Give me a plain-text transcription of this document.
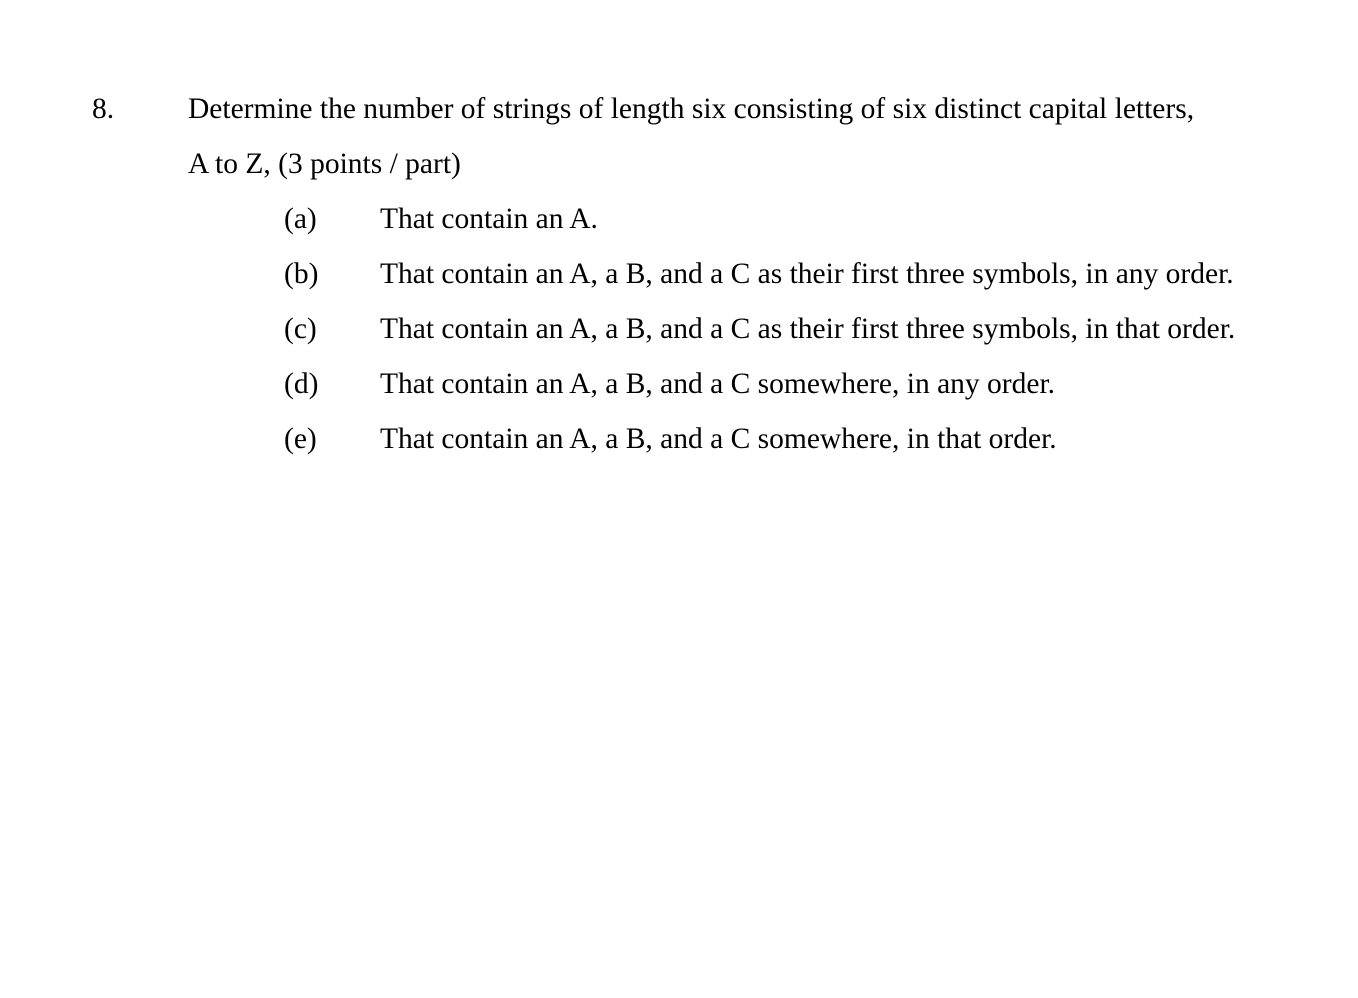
8.	Determine the number of strings of length six consisting of six distinct capital letters, A to Z, (3 points / part)
(a) That contain an A.
(b) That contain an A, a B, and a C as their first three symbols, in any order.
(c) That contain an A, a B, and a C as their first three symbols, in that order.
(d) That contain an A, a B, and a C somewhere, in any order.
(e) That contain an A, a B, and a C somewhere, in that order.
